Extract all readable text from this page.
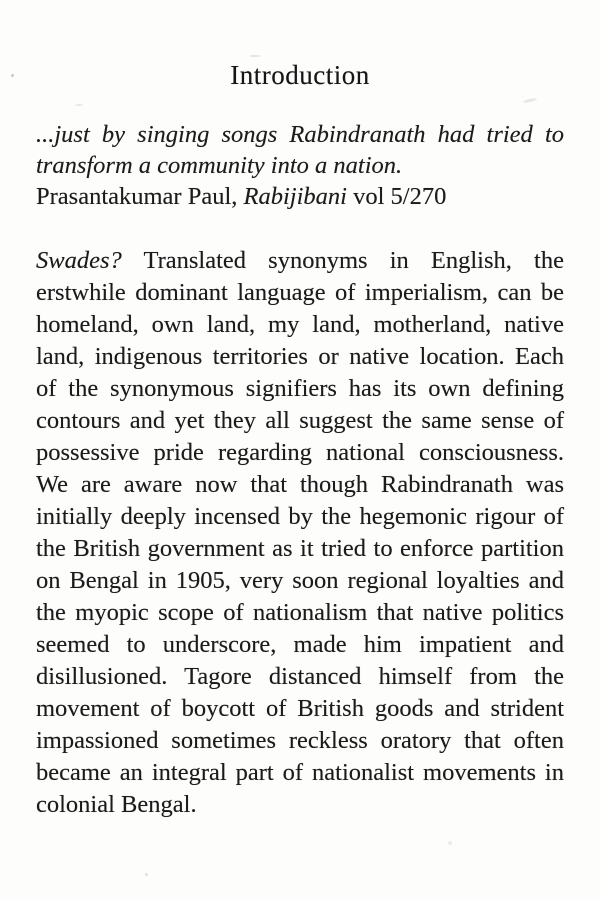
Introduction

...just by singing songs Rabindranath had tried to transform a community into a nation.

Prasantakumar Paul, Rabijibani vol 5/270

Swades? Translated synonyms in English, the erstwhile dominant language of imperialism, can be homeland, own land, my land, motherland, native land, indigenous territories or native location. Each of the synonymous signifiers has its own defining contours and yet they all suggest the same sense of possessive pride regarding national consciousness. We are aware now that though Rabindranath was initially deeply incensed by the hegemonic rigour of the British government as it tried to enforce partition on Bengal in 1905, very soon regional loyalties and the myopic scope of nationalism that native politics seemed to underscore, made him impatient and disillusioned. Tagore distanced himself from the movement of boycott of British goods and strident impassioned sometimes reckless oratory that often became an integral part of nationalist movements in colonial Bengal.
